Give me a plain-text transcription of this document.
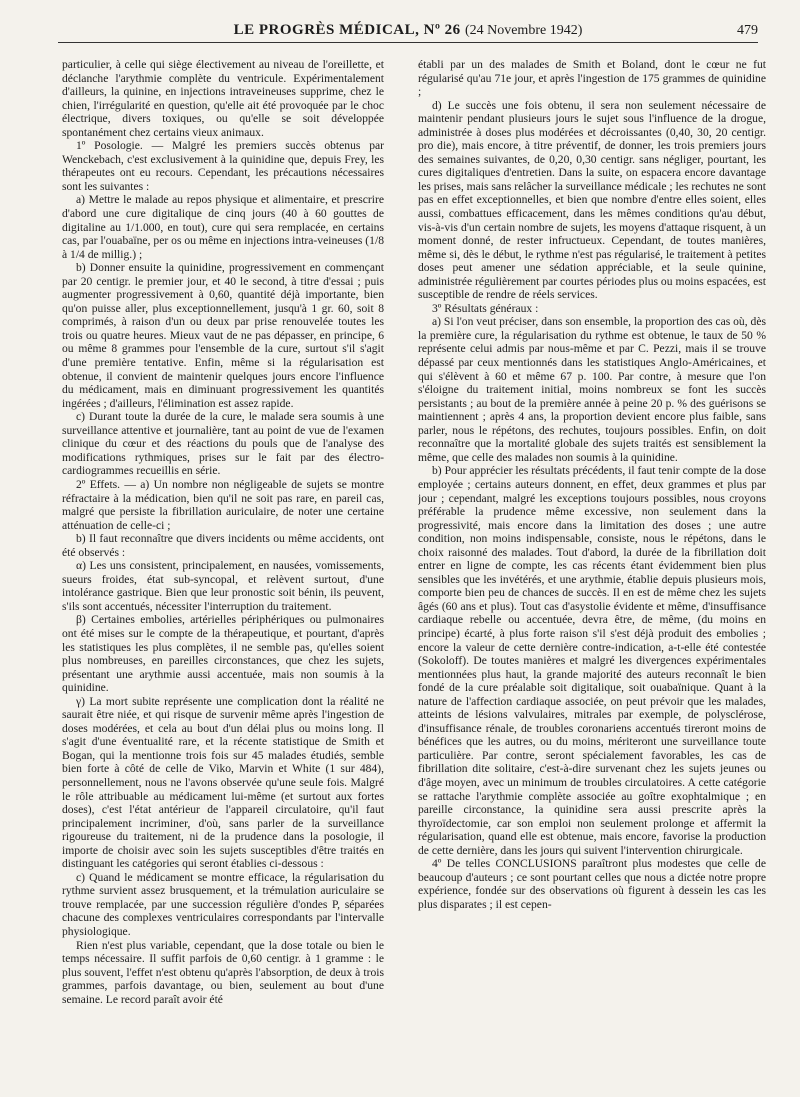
LE PROGRÈS MÉDICAL, Nº 26 (24 Novembre 1942)	479

particulier, à celle qui siège électivement au niveau de l'oreillette, et déclanche l'arythmie complète du ventricule. Expérimentalement d'ailleurs, la quinine, en injections intraveineuses supprime, chez le chien, l'irrégularité en question, qu'elle ait été provoquée par le choc électrique, divers toxiques, ou qu'elle se soit développée spontanément chez certains vieux animaux.

1º Posologie. — Malgré les premiers succès obtenus par Wenckebach, c'est exclusivement à la quinidine que, depuis Frey, les thérapeutes ont eu recours. Cependant, les précautions nécessaires sont les suivantes :

a) Mettre le malade au repos physique et alimentaire, et prescrire d'abord une cure digitalique de cinq jours (40 à 60 gouttes de digitaline au 1/1.000, en tout), cure qui sera remplacée, en certains cas, par l'ouabaïne, per os ou même en injections intra-veineuses (1/8 à 1/4 de millig.) ;

b) Donner ensuite la quinidine, progressivement en commençant par 20 centigr. le premier jour, et 40 le second, à titre d'essai ; puis augmenter progressivement à 0,60, quantité déjà importante, bien qu'on puisse aller, plus exceptionnellement, jusqu'à 1 gr. 60, soit 8 comprimés, à raison d'un ou deux par prise renouvelée toutes les trois ou quatre heures. Mieux vaut de ne pas dépasser, en principe, 6 ou même 8 grammes pour l'ensemble de la cure, surtout s'il s'agit d'une première tentative. Enfin, même si la régularisation est obtenue, il convient de maintenir quelques jours encore l'influence du médicament, mais en diminuant progressivement les quantités ingérées ; d'ailleurs, l'élimination est assez rapide.

c) Durant toute la durée de la cure, le malade sera soumis à une surveillance attentive et journalière, tant au point de vue de l'examen clinique du cœur et des réactions du pouls que de l'analyse des modifications rythmiques, prises sur le fait par des électro-cardiogrammes recueillis en série.

2º Effets. — a) Un nombre non négligeable de sujets se montre réfractaire à la médication, bien qu'il ne soit pas rare, en pareil cas, malgré que persiste la fibrillation auriculaire, de noter une certaine atténuation de celle-ci ;

b) Il faut reconnaître que divers incidents ou même accidents, ont été observés :

α) Les uns consistent, principalement, en nausées, vomissements, sueurs froides, état sub-syncopal, et relèvent surtout, d'une intolérance gastrique. Bien que leur pronostic soit bénin, ils peuvent, s'ils sont accentués, nécessiter l'interruption du traitement.

β) Certaines embolies, artérielles périphériques ou pulmonaires ont été mises sur le compte de la thérapeutique, et pourtant, d'après les statistiques les plus complètes, il ne semble pas, qu'elles soient plus nombreuses, en pareilles circonstances, que chez les sujets, présentant une arythmie aussi accentuée, mais non soumis à la quinidine.

γ) La mort subite représente une complication dont la réalité ne saurait être niée, et qui risque de survenir même après l'ingestion de doses modérées, et cela au bout d'un délai plus ou moins long. Il s'agit d'une éventualité rare, et la récente statistique de Smith et Bogan, qui la mentionne trois fois sur 45 malades étudiés, semble bien forte à côté de celle de Viko, Marvin et White (1 sur 484), personnellement, nous ne l'avons observée qu'une seule fois. Malgré le rôle attribuable au médicament lui-même (et surtout aux fortes doses), c'est l'état antérieur de l'appareil circulatoire, qu'il faut principalement incriminer, d'où, sans parler de la surveillance rigoureuse du traitement, ni de la prudence dans la posologie, il importe de choisir avec soin les sujets susceptibles d'être traités en distinguant les catégories qui seront établies ci-dessous :

c) Quand le médicament se montre efficace, la régularisation du rythme survient assez brusquement, et la trémulation auriculaire se trouve remplacée, par une succession régulière d'ondes P, séparées chacune des complexes ventriculaires correspondants par l'intervalle physiologique.

Rien n'est plus variable, cependant, que la dose totale ou bien le temps nécessaire. Il suffit parfois de 0,60 centigr. à 1 gramme : le plus souvent, l'effet n'est obtenu qu'après l'absorption, de deux à trois grammes, parfois davantage, ou bien, seulement au bout d'une semaine. Le record paraît avoir été

établi par un des malades de Smith et Boland, dont le cœur ne fut régularisé qu'au 71e jour, et après l'ingestion de 175 grammes de quinidine ;

d) Le succès une fois obtenu, il sera non seulement nécessaire de maintenir pendant plusieurs jours le sujet sous l'influence de la drogue, administrée à doses plus modérées et décroissantes (0,40, 30, 20 centigr. pro die), mais encore, à titre préventif, de donner, les trois premiers jours des semaines suivantes, de 0,20, 0,30 centigr. sans négliger, pourtant, les cures digitaliques d'entretien. Dans la suite, on espacera encore davantage les prises, mais sans relâcher la surveillance médicale ; les rechutes ne sont pas en effet exceptionnelles, et bien que nombre d'entre elles soient, elles aussi, combattues efficacement, dans les mêmes conditions qu'au début, vis-à-vis d'un certain nombre de sujets, les moyens d'attaque risquent, à un moment donné, de rester infructueux. Cependant, de toutes manières, même si, dès le début, le rythme n'est pas régularisé, le traitement à petites doses peut amener une sédation appréciable, et la seule quinine, administrée régulièrement par courtes périodes plus ou moins espacées, est susceptible de rendre de réels services.

3º Résultats généraux :

a) Si l'on veut préciser, dans son ensemble, la proportion des cas où, dès la première cure, la régularisation du rythme est obtenue, le taux de 50 % représente celui admis par nous-même et par C. Pezzi, mais il se trouve dépassé par ceux mentionnés dans les statistiques Anglo-Américaines, et qui s'élèvent à 60 et même 67 p. 100. Par contre, à mesure que l'on s'éloigne du traitement initial, moins nombreux se font les succès persistants ; au bout de la première année à peine 20 p. % des guérisons se maintiennent ; après 4 ans, la proportion devient encore plus faible, sans parler, nous le répétons, des rechutes, toujours possibles. Enfin, on doit reconnaître que la mortalité globale des sujets traités est sensiblement la même, que celle des malades non soumis à la quinidine.

b) Pour apprécier les résultats précédents, il faut tenir compte de la dose employée ; certains auteurs donnent, en effet, deux grammes et plus par jour ; cependant, malgré les exceptions toujours possibles, nous croyons préférable la prudence même excessive, non seulement dans la progressivité, mais encore dans la limitation des doses ; une autre condition, non moins indispensable, consiste, nous le répétons, dans le choix raisonné des malades. Tout d'abord, la durée de la fibrillation doit entrer en ligne de compte, les cas récents étant évidemment bien plus sensibles que les invétérés, et une arythmie, établie depuis plusieurs mois, comporte bien peu de chances de succès. Il en est de même chez les sujets âgés (60 ans et plus). Tout cas d'asystolie évidente et même, d'insuffisance cardiaque rebelle ou accentuée, devra être, de même, (du moins en principe) écarté, à plus forte raison s'il s'est déjà produit des embolies ; encore la valeur de cette dernière contre-indication, a-t-elle été contestée (Sokoloff). De toutes manières et malgré les divergences expérimentales mentionnées plus haut, la grande majorité des auteurs reconnaît le bien fondé de la cure préalable soit digitalique, soit ouabaïnique. Quant à la nature de l'affection cardiaque associée, on peut prévoir que les malades, atteints de lésions valvulaires, mitrales par exemple, de polysclérose, d'insuffisance rénale, de troubles coronariens accentués tireront moins de bénéfices que les autres, ou du moins, mériteront une surveillance toute particulière. Par contre, seront spécialement favorables, les cas de fibrillation dite solitaire, c'est-à-dire survenant chez les sujets jeunes ou d'âge moyen, avec un minimum de troubles circulatoires. A cette catégorie se rattache l'arythmie complète associée au goître exophtalmique ; en pareille circonstance, la quinidine sera aussi prescrite après la thyroïdectomie, car son emploi non seulement prolonge et affermit la régularisation, quand elle est obtenue, mais encore, favorise la production de cette dernière, dans les jours qui suivent l'intervention chirurgicale.

4º De telles CONCLUSIONS paraîtront plus modestes que celle de beaucoup d'auteurs ; ce sont pourtant celles que nous a dictée notre propre expérience, fondée sur des observations où figurent à dessein les cas les plus disparates ; il est cepen-
